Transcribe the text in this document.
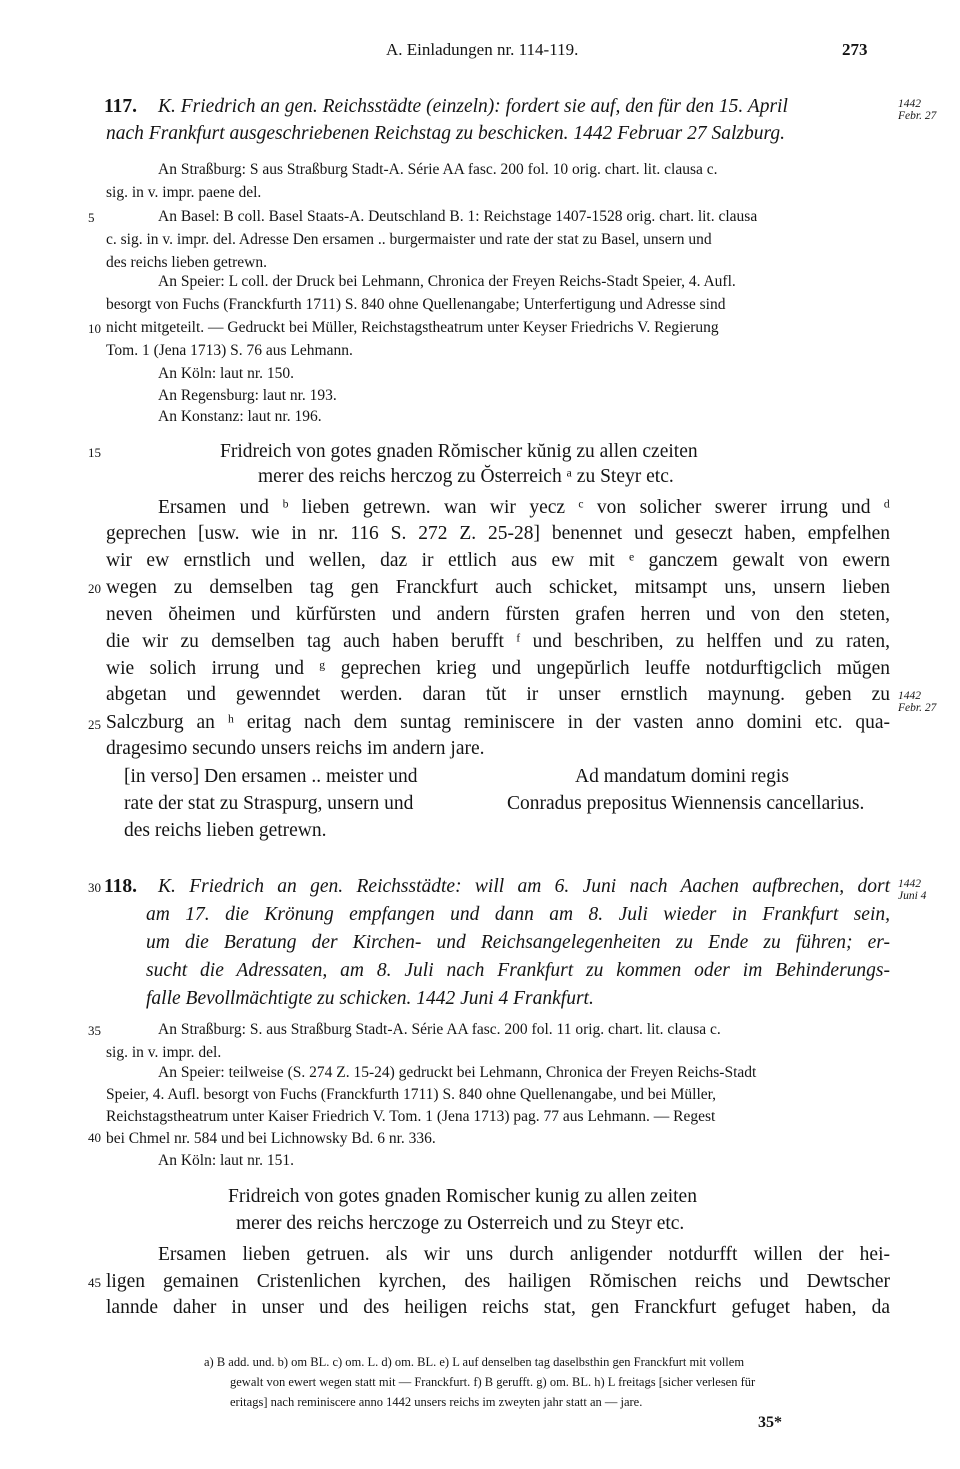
A. Einladungen nr. 114-119.	273
117. K. Friedrich an gen. Reichsstädte (einzeln): fordert sie auf, den für den 15. April
nach Frankfurt ausgeschriebenen Reichstag zu beschicken. 1442 Februar 27 Salzburg.
1442
Febr. 27
An Straßburg: S aus Straßburg Stadt-A. Série AA fasc. 200 fol. 10 orig. chart. lit. clausa c.
sig. in v. impr. paene del.
An Basel: B coll. Basel Staats-A. Deutschland B. 1: Reichstage 1407-1528 orig. chart. lit. clausa
c. sig. in v. impr. del. Adresse Den ersamen .. burgermaister und rate der stat zu Basel, unsern und
des reichs lieben getrewn.
An Speier: L coll. der Druck bei Lehmann, Chronica der Freyen Reichs-Stadt Speier, 4. Aufl.
besorgt von Fuchs (Franckfurth 1711) S. 840 ohne Quellenangabe; Unterfertigung und Adresse sind
nicht mitgeteilt. — Gedruckt bei Müller, Reichstagstheatrum unter Keyser Friedrichs V. Regierung
Tom. 1 (Jena 1713) S. 76 aus Lehmann.
An Köln: laut nr. 150.
An Regensburg: laut nr. 193.
An Konstanz: laut nr. 196.
5
10
15
20
25
30
35
40
45
Fridreich von gotes gnaden Rŏmischer kŭnig zu allen czeiten
merer des reichs herczog zu Ŏsterreich ᵃ zu Steyr etc.
Ersamen und ᵇ lieben getrewn. wan wir yecz ᶜ von solicher swerer irrung und ᵈ
geprechen [usw. wie in nr. 116 S. 272 Z. 25-28] benennet und geseczt haben, empfelhen
wir ew ernstlich und wellen, daz ir ettlich aus ew mit ᵉ ganczem gewalt von ewern
wegen zu demselben tag gen Franckfurt auch schicket, mitsampt uns, unsern lieben
neven ŏheimen und kŭrfŭrsten und andern fŭrsten grafen herren und von den steten,
die wir zu demselben tag auch haben berufft ᶠ und beschriben, zu helffen und zu raten,
wie solich irrung und ᵍ geprechen krieg und ungepŭrlich leuffe notdurftigclich mŭgen
abgetan und gewenndet werden. daran tŭt ir unser ernstlich maynung. geben zu
Salczburg an ʰ eritag nach dem suntag reminiscere in der vasten anno domini etc. qua-
dragesimo secundo unsers reichs im andern jare.
1442
Febr. 27
[in verso] Den ersamen .. meister und
rate der stat zu Straspurg, unsern und
des reichs lieben getrewn.
Ad mandatum domini regis
Conradus prepositus Wiennensis cancellarius.
118. K. Friedrich an gen. Reichsstädte: will am 6. Juni nach Aachen aufbrechen, dort
am 17. die Krönung empfangen und dann am 8. Juli wieder in Frankfurt sein,
um die Beratung der Kirchen- und Reichsangelegenheiten zu Ende zu führen; er-
sucht die Adressaten, am 8. Juli nach Frankfurt zu kommen oder im Behinderungs-
falle Bevollmächtigte zu schicken. 1442 Juni 4 Frankfurt.
1442
Juni 4
An Straßburg: S. aus Straßburg Stadt-A. Série AA fasc. 200 fol. 11 orig. chart. lit. clausa c.
sig. in v. impr. del.
An Speier: teilweise (S. 274 Z. 15-24) gedruckt bei Lehmann, Chronica der Freyen Reichs-Stadt
Speier, 4. Aufl. besorgt von Fuchs (Franckfurth 1711) S. 840 ohne Quellenangabe, und bei Müller,
Reichstagstheatrum unter Kaiser Friedrich V. Tom. 1 (Jena 1713) pag. 77 aus Lehmann. — Regest
bei Chmel nr. 584 und bei Lichnowsky Bd. 6 nr. 336.
An Köln: laut nr. 151.
Fridreich von gotes gnaden Romischer kunig zu allen zeiten
merer des reichs herczoge zu Osterreich und zu Steyr etc.
Ersamen lieben getruen. als wir uns durch anligender notdurfft willen der hei-
ligen gemainen Cristenlichen kyrchen, des hailigen Rŏmischen reichs und Dewtscher
lannde daher in unser und des heiligen reichs stat, gen Franckfurt gefuget haben, da
a) B add. und. b) om BL. c) om. L. d) om. BL. e) L auf denselben tag daselbsthin gen Franckfurt mit vollem
gewalt von ewert wegen statt mit — Franckfurt. f) B gerufft. g) om. BL. h) L freitags [sicher verlesen für
eritags] nach reminiscere anno 1442 unsers reichs im zweyten jahr statt an — jare.
35*
